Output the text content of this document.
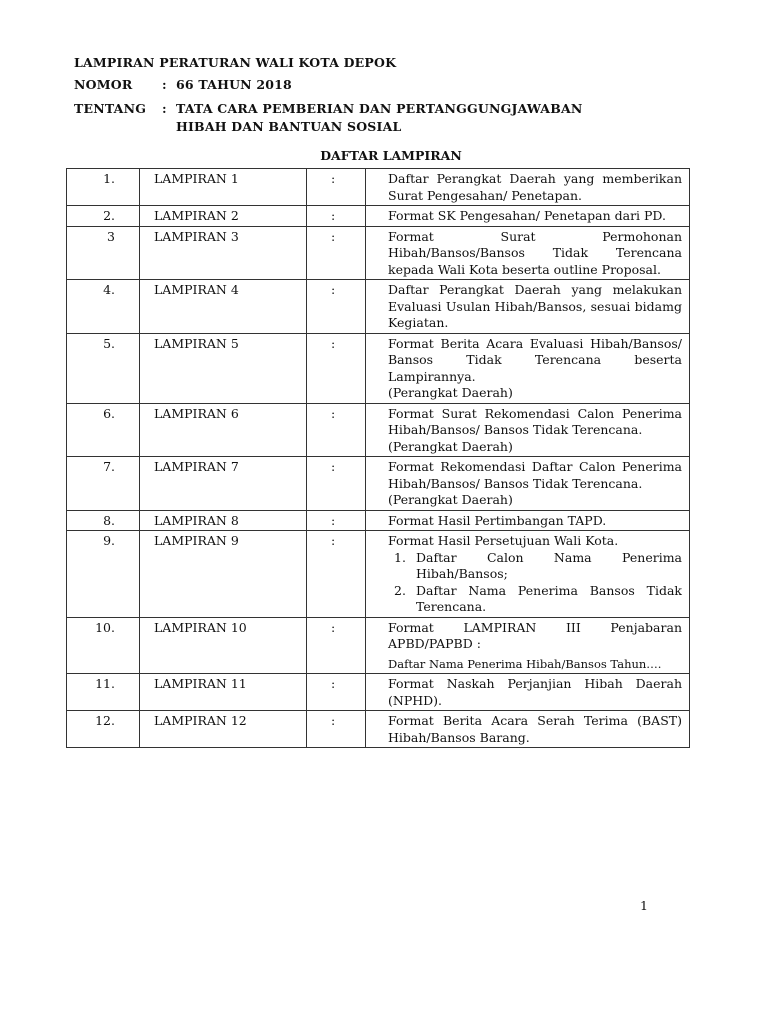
LAMPIRAN PERATURAN WALI KOTA DEPOK
NOMOR	: 66 TAHUN 2018
TENTANG	: TATA CARA PEMBERIAN DAN PERTANGGUNGJAWABAN
HIBAH DAN BANTUAN SOSIAL
DAFTAR LAMPIRAN
1.	LAMPIRAN 1	:	Daftar Perangkat Daerah yang memberikan Surat Pengesahan/ Penetapan.

2.	LAMPIRAN 2	:	Format SK Pengesahan/ Penetapan dari PD.

3	LAMPIRAN 3	:	Format Surat Permohonan Hibah/Bansos/Bansos Tidak Terencana kepada Wali Kota beserta outline Proposal.

4.	LAMPIRAN 4	:	Daftar Perangkat Daerah yang melakukan Evaluasi Usulan Hibah/Bansos, sesuai bidamg Kegiatan.

5.	LAMPIRAN 5	:	Format Berita Acara Evaluasi Hibah/Bansos/ Bansos Tidak Terencana beserta Lampirannya.
(Perangkat Daerah)

6.	LAMPIRAN 6	:	Format Surat Rekomendasi Calon Penerima Hibah/Bansos/ Bansos Tidak Terencana.
(Perangkat Daerah)

7.	LAMPIRAN 7	:	Format Rekomendasi Daftar Calon Penerima Hibah/Bansos/ Bansos Tidak Terencana.
(Perangkat Daerah)

8.	LAMPIRAN 8	:	Format Hasil Pertimbangan TAPD.

9.	LAMPIRAN 9	:	Format Hasil Persetujuan Wali Kota.
1. Daftar Calon Nama Penerima Hibah/Bansos;
2. Daftar Nama Penerima Bansos Tidak Terencana.

10.	LAMPIRAN 10	:	Format LAMPIRAN III Penjabaran APBD/PAPBD :
Daftar Nama Penerima Hibah/Bansos Tahun….

11.	LAMPIRAN 11	:	Format Naskah Perjanjian Hibah Daerah (NPHD).

12.	LAMPIRAN 12	:	Format Berita Acara Serah Terima (BAST) Hibah/Bansos Barang.
1
